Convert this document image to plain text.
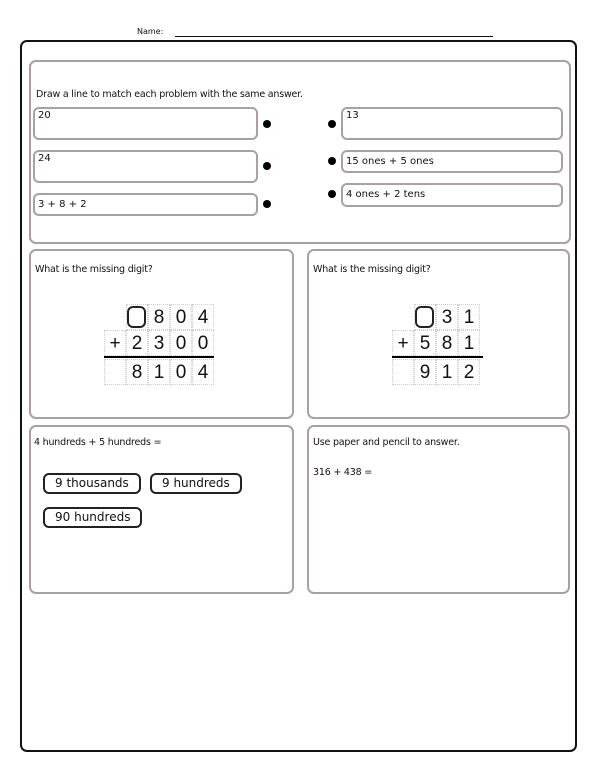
Name:
Draw a line to match each problem with the same answer.
20
24
3 + 8 + 2
13
15 ones + 5 ones
4 ones + 2 tens
What is the missing digit?
8 0 4
+ 2 3 0 0
8 1 0 4
What is the missing digit?
3 1
+ 5 8 1
9 1 2
4 hundreds + 5 hundreds =
9 thousands	9 hundreds
90 hundreds
Use paper and pencil to answer.
316 + 438 =
